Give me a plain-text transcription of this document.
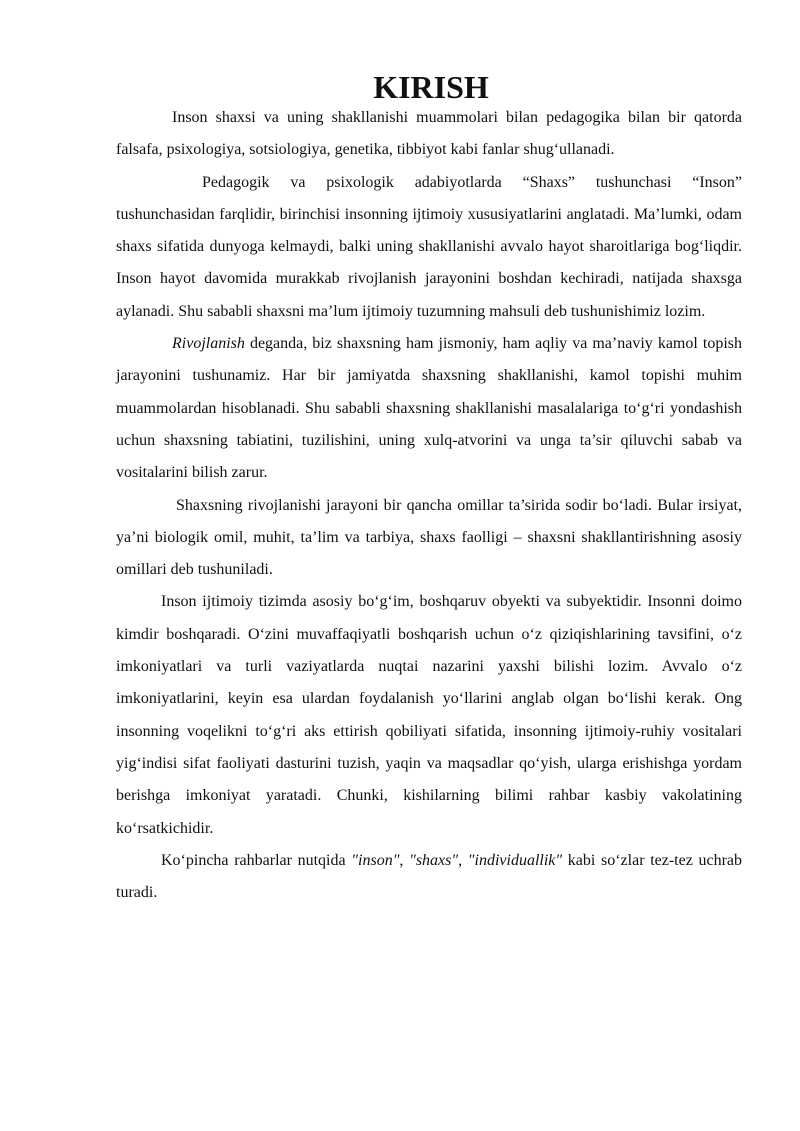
KIRISH

Inson shaxsi va uning shakllanishi muammolari bilan pedagogika bilan bir qatorda falsafa, psixologiya, sotsiologiya, genetika, tibbiyot kabi fanlar shug‘ullanadi.

Pedagogik va psixologik adabiyotlarda “Shaxs” tushunchasi “Inson” tushunchasidan farqlidir, birinchisi insonning ijtimoiy xususiyatlarini anglatadi. Ma’lumki, odam shaxs sifatida dunyoga kelmaydi, balki uning shakllanishi avvalo hayot sharoitlariga bog‘liqdir. Inson hayot davomida murakkab rivojlanish jarayonini boshdan kechiradi, natijada shaxsga aylanadi. Shu sababli shaxsni ma’lum ijtimoiy tuzumning mahsuli deb tushunishimiz lozim.

Rivojlanish deganda, biz shaxsning ham jismoniy, ham aqliy va ma’naviy kamol topish jarayonini tushunamiz. Har bir jamiyatda shaxsning shakllanishi, kamol topishi muhim muammolardan hisoblanadi. Shu sababli shaxsning shakllanishi masalalariga to‘g‘ri yondashish uchun shaxsning tabiatini, tuzilishini, uning xulq-atvorini va unga ta’sir qiluvchi sabab va vositalarini bilish zarur.

Shaxsning rivojlanishi jarayoni bir qancha omillar ta’sirida sodir bo‘ladi. Bular irsiyat, ya’ni biologik omil, muhit, ta’lim va tarbiya, shaxs faolligi – shaxsni shakllantirishning asosiy omillari deb tushuniladi.

Inson ijtimoiy tizimda asosiy bo‘g‘im, boshqaruv obyekti va subyektidir. Insonni doimo kimdir boshqaradi. O‘zini muvaffaqiyatli boshqarish uchun o‘z qiziqishlarining tavsifini, o‘z imkoniyatlari va turli vaziyatlarda nuqtai nazarini yaxshi bilishi lozim. Avvalo o‘z imkoniyatlarini, keyin esa ulardan foydalanish yo‘llarini anglab olgan bo‘lishi kerak. Ong insonning voqelikni to‘g‘ri aks ettirish qobiliyati sifatida, insonning ijtimoiy-ruhiy vositalari yig‘indisi sifat faoliyati dasturini tuzish, yaqin va maqsadlar qo‘yish, ularga erishishga yordam berishga imkoniyat yaratadi. Chunki, kishilarning bilimi rahbar kasbiy vakolatining ko‘rsatkichidir.

Ko‘pincha rahbarlar nutqida "inson", "shaxs", "individuallik" kabi so‘zlar tez-tez uchrab turadi.
